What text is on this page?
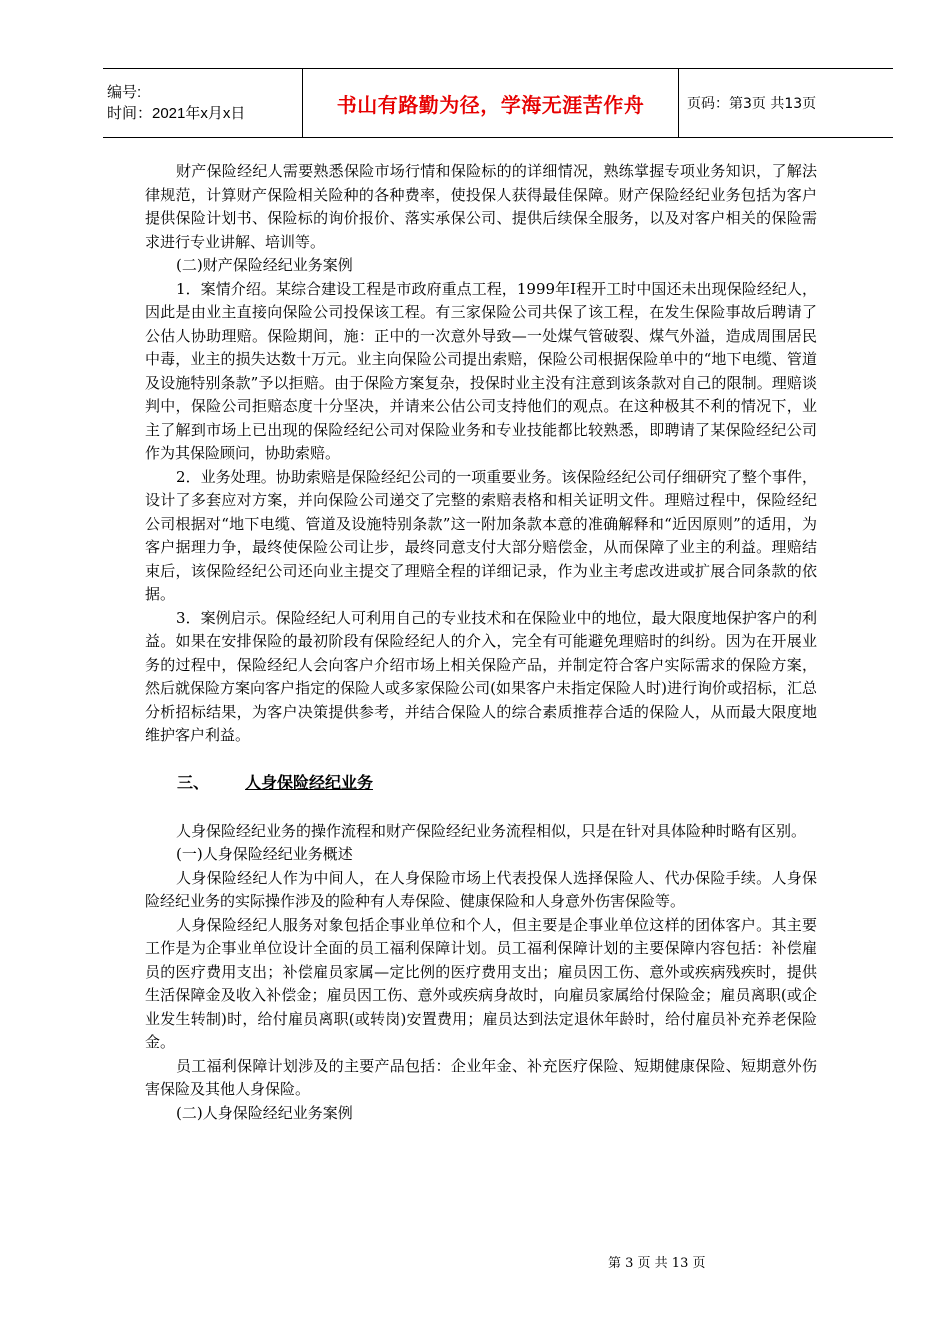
编号:
时间：2021年x月x日	书山有路勤为径，学海无涯苦作舟	页码：第3页 共13页

财产保险经纪人需要熟悉保险市场行情和保险标的的详细情况，熟练掌握专项业务知识，了解法律规范，计算财产保险相关险种的各种费率，使投保人获得最佳保障。财产保险经纪业务包括为客户提供保险计划书、保险标的询价报价、落实承保公司、提供后续保全服务，以及对客户相关的保险需求进行专业讲解、培训等。

(二)财产保险经纪业务案例

1．案情介绍。某综合建设工程是市政府重点工程，1999年I程开工时中国还未出现保险经纪人，因此是由业主直接向保险公司投保该工程。有三家保险公司共保了该工程，在发生保险事故后聘请了公估人协助理赔。保险期间，施：正中的一次意外导致—一处煤气管破裂、煤气外溢，造成周围居民中毒，业主的损失达数十万元。业主向保险公司提出索赔，保险公司根据保险单中的“地下电缆、管道及设施特别条款”予以拒赔。由于保险方案复杂，投保时业主没有注意到该条款对自己的限制。理赔谈判中，保险公司拒赔态度十分坚决，并请来公估公司支持他们的观点。在这种极其不利的情况下，业主了解到市场上已出现的保险经纪公司对保险业务和专业技能都比较熟悉，即聘请了某保险经纪公司作为其保险顾问，协助索赔。

2．业务处理。协助索赔是保险经纪公司的一项重要业务。该保险经纪公司仔细研究了整个事件，设计了多套应对方案，并向保险公司递交了完整的索赔表格和相关证明文件。理赔过程中，保险经纪公司根据对“地下电缆、管道及设施特别条款”这一附加条款本意的准确解释和“近因原则”的适用，为客户据理力争，最终使保险公司让步，最终同意支付大部分赔偿金，从而保障了业主的利益。理赔结束后，该保险经纪公司还向业主提交了理赔全程的详细记录，作为业主考虑改进或扩展合同条款的依据。

3．案例启示。保险经纪人可利用自己的专业技术和在保险业中的地位，最大限度地保护客户的利益。如果在安排保险的最初阶段有保险经纪人的介入，完全有可能避免理赔时的纠纷。因为在开展业务的过程中，保险经纪人会向客户介绍市场上相关保险产品，并制定符合客户实际需求的保险方案，然后就保险方案向客户指定的保险人或多家保险公司(如果客户未指定保险人时)进行询价或招标，汇总分析招标结果，为客户决策提供参考，并结合保险人的综合素质推荐合适的保险人，从而最大限度地维护客户利益。

三、 人身保险经纪业务

人身保险经纪业务的操作流程和财产保险经纪业务流程相似，只是在针对具体险种时略有区别。

(一)人身保险经纪业务概述

人身保险经纪人作为中间人，在人身保险市场上代表投保人选择保险人、代办保险手续。人身保险经纪业务的实际操作涉及的险种有人寿保险、健康保险和人身意外伤害保险等。

人身保险经纪人服务对象包括企事业单位和个人，但主要是企事业单位这样的团体客户。其主要工作是为企事业单位设计全面的员工福利保障计划。员工福利保障计划的主要保障内容包括：补偿雇员的医疗费用支出；补偿雇员家属—定比例的医疗费用支出；雇员因工伤、意外或疾病残疾时，提供生活保障金及收入补偿金；雇员因工伤、意外或疾病身故时，向雇员家属给付保险金；雇员离职(或企业发生转制)时，给付雇员离职(或转岗)安置费用；雇员达到法定退休年龄时，给付雇员补充养老保险金。

员工福利保障计划涉及的主要产品包括：企业年金、补充医疗保险、短期健康保险、短期意外伤害保险及其他人身保险。

(二)人身保险经纪业务案例

第 3 页 共 13 页
